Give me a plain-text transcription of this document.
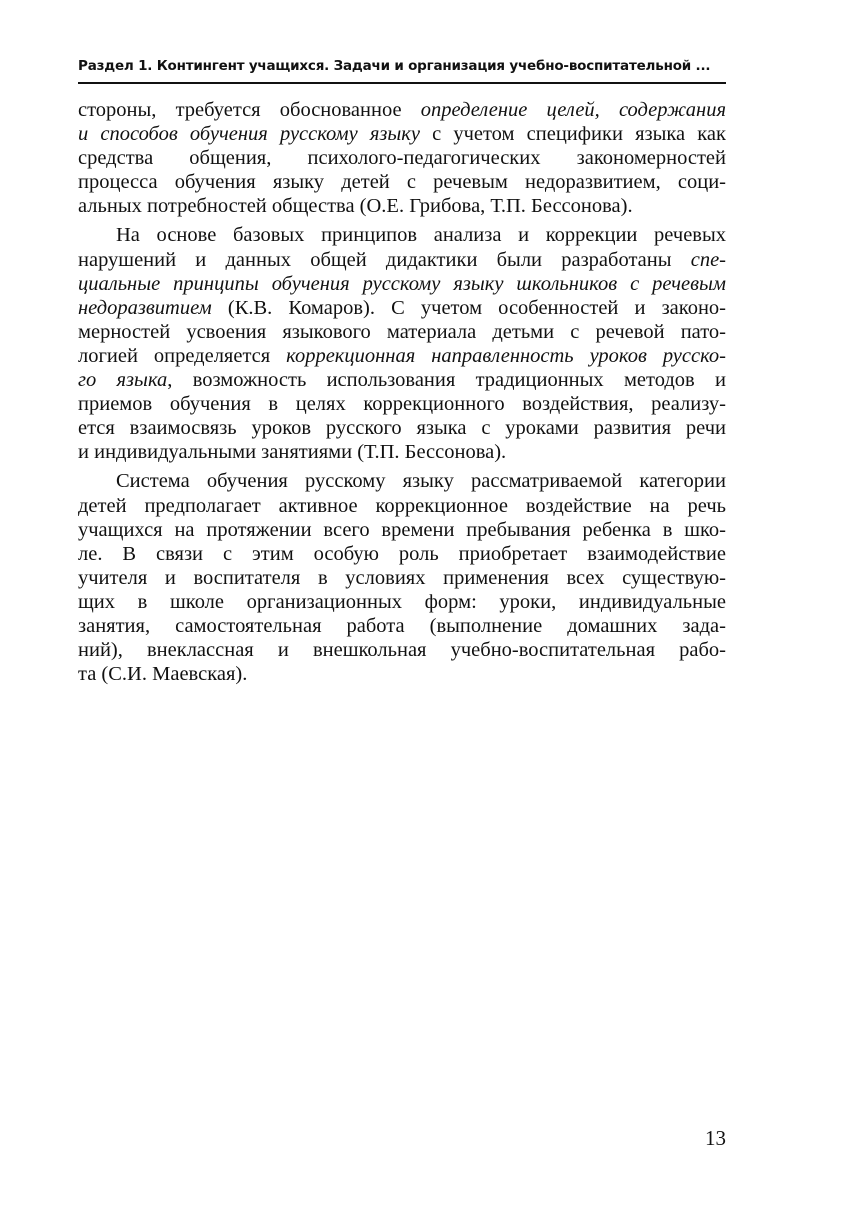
Раздел 1. Контингент учащихся. Задачи и организация учебно-воспитательной ...
стороны, требуется обоснованное определение целей, содержания
и способов обучения русскому языку с учетом специфики языка как
средства общения, психолого-педагогических закономерностей
процесса обучения языку детей с речевым недоразвитием, соци-
альных потребностей общества (О.Е. Грибова, Т.П. Бессонова).
На основе базовых принципов анализа и коррекции речевых
нарушений и данных общей дидактики были разработаны спе-
циальные принципы обучения русскому языку школьников с речевым
недоразвитием (К.В. Комаров). С учетом особенностей и законо-
мерностей усвоения языкового материала детьми с речевой пато-
логией определяется коррекционная направленность уроков русско-
го языка, возможность использования традиционных методов и
приемов обучения в целях коррекционного воздействия, реализу-
ется взаимосвязь уроков русского языка с уроками развития речи
и индивидуальными занятиями (Т.П. Бессонова).
Система обучения русскому языку рассматриваемой категории
детей предполагает активное коррекционное воздействие на речь
учащихся на протяжении всего времени пребывания ребенка в шко-
ле. В связи с этим особую роль приобретает взаимодействие
учителя и воспитателя в условиях применения всех существую-
щих в школе организационных форм: уроки, индивидуальные
занятия, самостоятельная работа (выполнение домашних зада-
ний), внеклассная и внешкольная учебно-воспитательная рабо-
та (С.И. Маевская).
13
